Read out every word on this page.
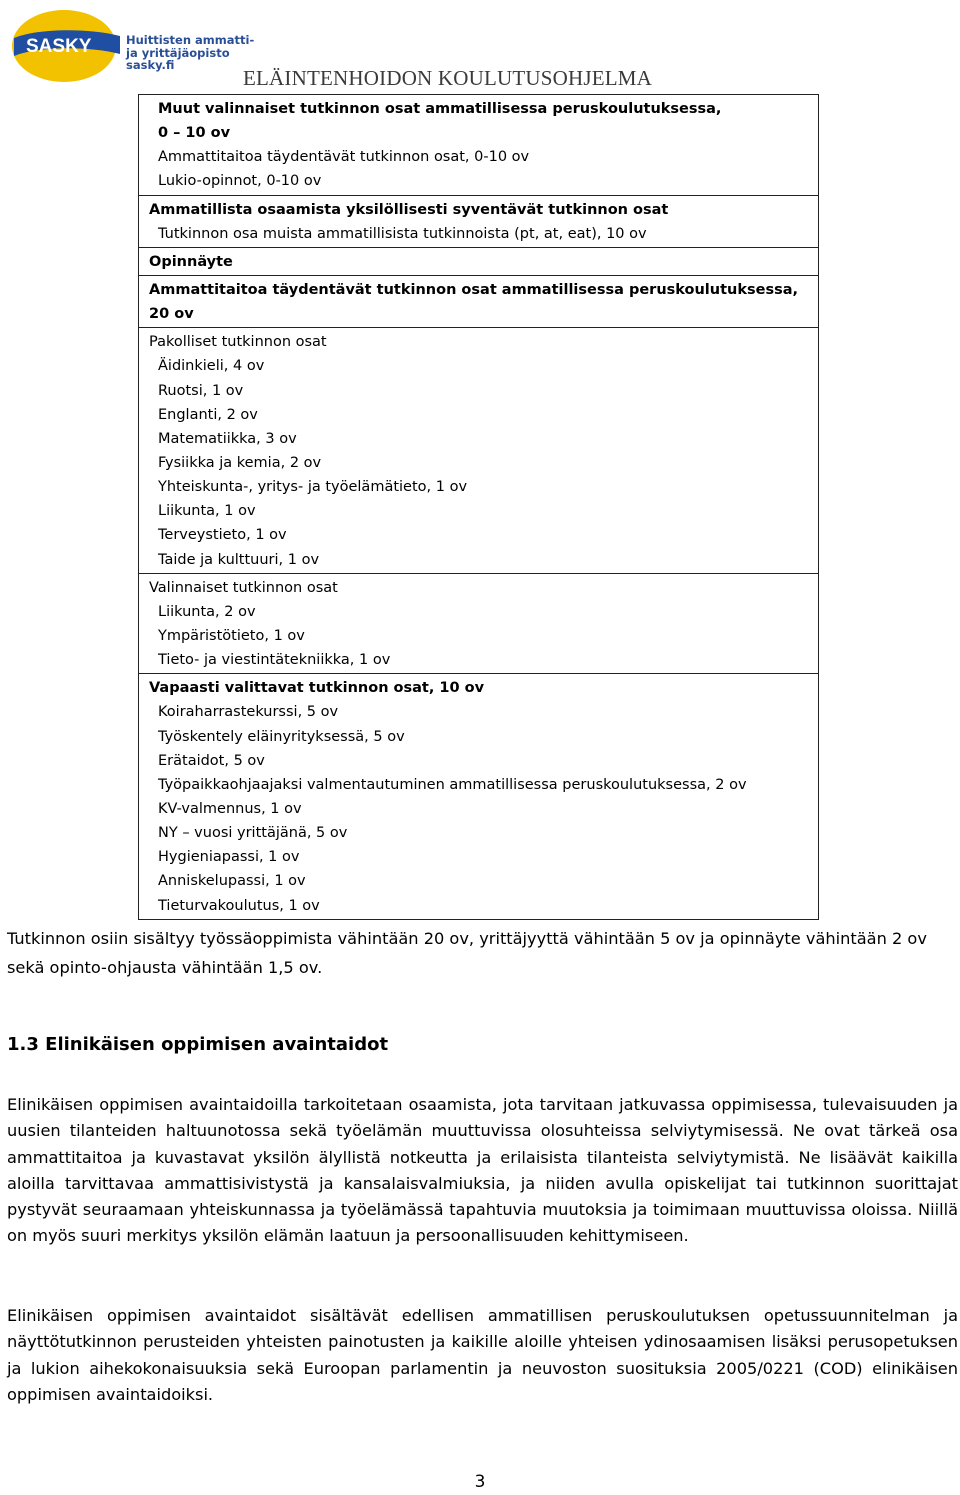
SASKY	Huittisten ammatti-
ja yrittäjäopisto
sasky.fi
ELÄINTENHOIDON KOULUTUSOHJELMA
Muut valinnaiset tutkinnon osat ammatillisessa peruskoulutuksessa,
0 – 10 ov
Ammattitaitoa täydentävät tutkinnon osat, 0-10 ov
Lukio-opinnot, 0-10 ov

Ammatillista osaamista yksilöllisesti syventävät tutkinnon osat
Tutkinnon osa muista ammatillisista tutkinnoista (pt, at, eat), 10 ov

Opinnäyte

Ammattitaitoa täydentävät tutkinnon osat ammatillisessa peruskoulutuksessa,
20 ov

Pakolliset tutkinnon osat
Äidinkieli, 4 ov
Ruotsi, 1 ov
Englanti, 2 ov
Matematiikka, 3 ov
Fysiikka ja kemia, 2 ov
Yhteiskunta-, yritys- ja työelämätieto, 1 ov
Liikunta, 1 ov
Terveystieto, 1 ov
Taide ja kulttuuri, 1 ov

Valinnaiset tutkinnon osat
Liikunta, 2 ov
Ympäristötieto, 1 ov
Tieto- ja viestintätekniikka, 1 ov

Vapaasti valittavat tutkinnon osat, 10 ov
Koiraharrastekurssi, 5 ov
Työskentely eläinyrityksessä, 5 ov
Erätaidot, 5 ov
Työpaikkaohjaajaksi valmentautuminen ammatillisessa peruskoulutuksessa, 2 ov
KV-valmennus, 1 ov
NY – vuosi yrittäjänä, 5 ov
Hygieniapassi, 1 ov
Anniskelupassi, 1 ov
Tieturvakoulutus, 1 ov
Tutkinnon osiin sisältyy työssäoppimista vähintään 20 ov, yrittäjyyttä vähintään 5 ov ja opinnäyte vähintään 2 ov sekä opinto-ohjausta vähintään 1,5 ov.
1.3 Elinikäisen oppimisen avaintaidot
Elinikäisen oppimisen avaintaidoilla tarkoitetaan osaamista, jota tarvitaan jatkuvassa oppimisessa, tulevaisuuden ja uusien tilanteiden haltuunotossa sekä työelämän muuttuvissa olosuhteissa selviytymisessä. Ne ovat tärkeä osa ammattitaitoa ja kuvastavat yksilön älyllistä notkeutta ja erilaisista tilanteista selviytymistä. Ne lisäävät kaikilla aloilla tarvittavaa ammattisivistystä ja kansalaisvalmiuksia, ja niiden avulla opiskelijat tai tutkinnon suorittajat pystyvät seuraamaan yhteiskunnassa ja työelämässä tapahtuvia muutoksia ja toimimaan muuttuvissa oloissa. Niillä on myös suuri merkitys yksilön elämän laatuun ja persoonallisuuden kehittymiseen.
Elinikäisen oppimisen avaintaidot sisältävät edellisen ammatillisen peruskoulutuksen opetussuunnitelman ja näyttötutkinnon perusteiden yhteisten painotusten ja kaikille aloille yhteisen ydinosaamisen lisäksi perusopetuksen ja lukion aihekokonaisuuksia sekä Euroopan parlamentin ja neuvoston suosituksia 2005/0221 (COD) elinikäisen oppimisen avaintaidoiksi.
3
